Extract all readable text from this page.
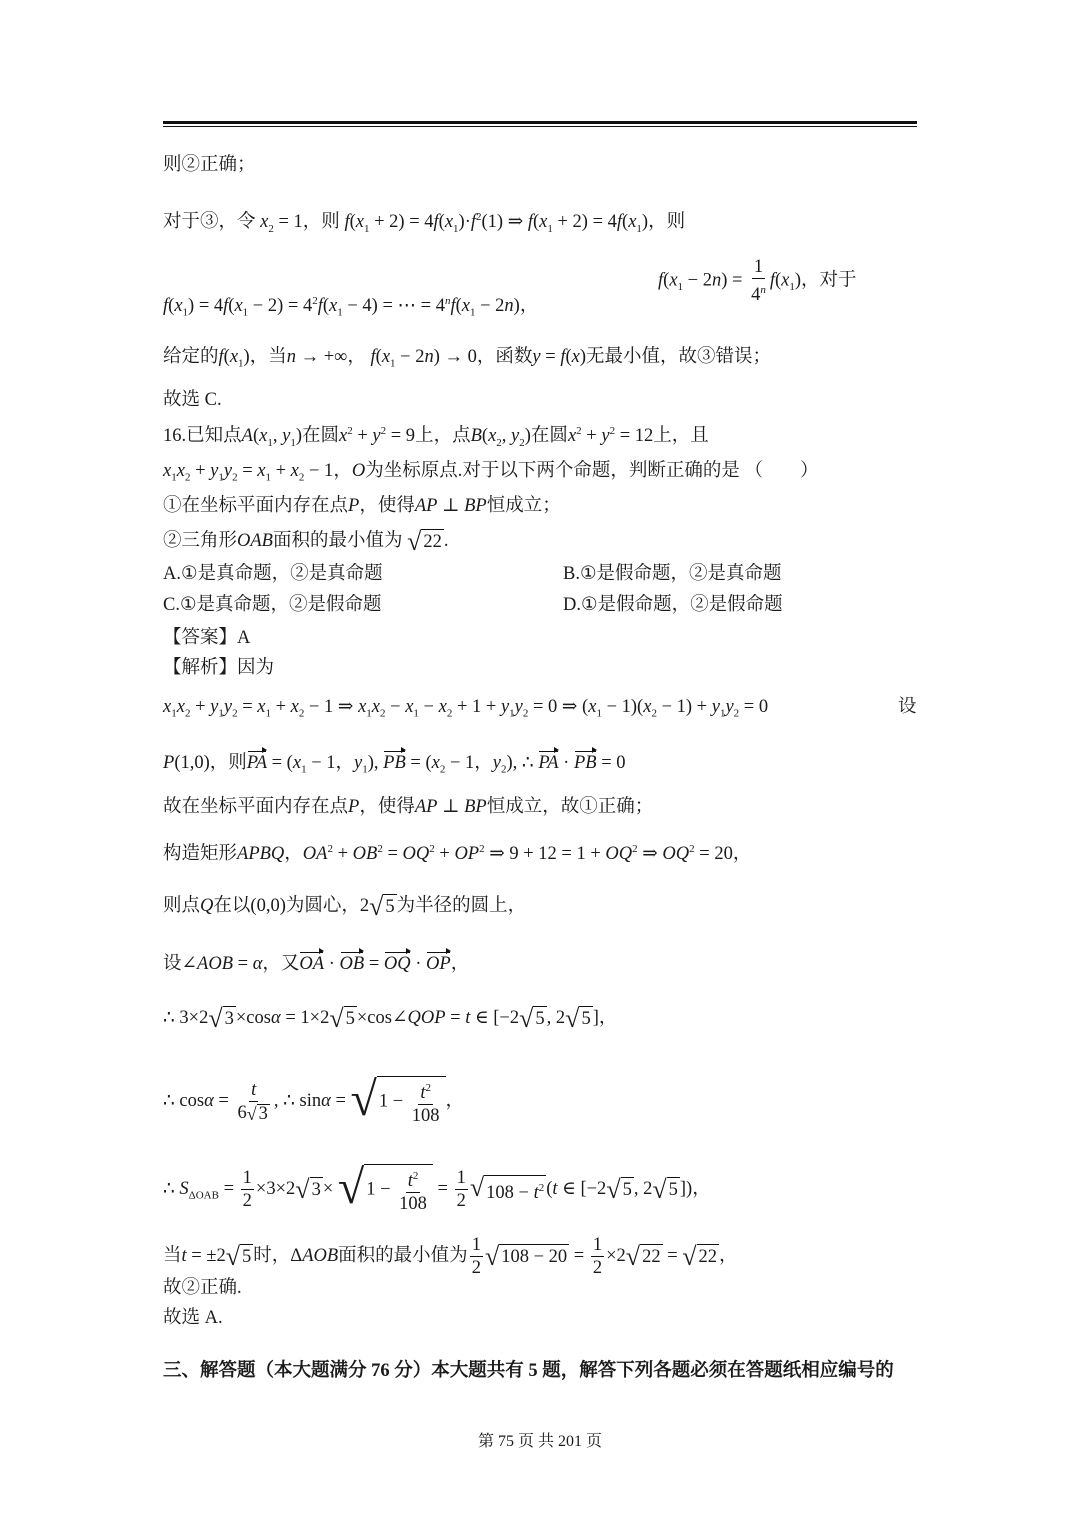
则②正确；
对于③，令 $x_2 = 1$，则 $f(x_1 + 2) = 4f(x_1)\cdot f^2(1)$ ⇒ $f(x_1 + 2) = 4f(x_1)$，则
$f(x_1) = 4f(x_1 - 2) = 4^2f(x_1 - 4)$ = ⋯ = $4^nf(x_1 - 2n)$，
$f(x_1 - 2n) = \frac{1}{4^n} f(x_1)$，对于
给定的$f(x_1)$，当n → +∞， $f(x_1 - 2n) \to 0$，函数y = f(x)无最小值，故③错误；
故选 C.
16.已知点$A(x_1$, $y_1$)在圆$x^2 + y^2 = 9$上，点$B(x_2$, $y_2$)在圆$x^2 + y^2 = 12$上，且
$x_1x_2 + y_1y_2 = x_1 + x_2 - 1$，O为坐标原点.对于以下两个命题，判断正确的是 （　　）
①在坐标平面内存在点P，使得AP ⊥ BP恒成立；
②三角形OAB面积的最小值为 √ 22 .
A.①是真命题，②是真命题	B.①是假命题，②是真命题
C.①是真命题，②是假命题	D.①是假命题，②是假命题
【答案】A
【解析】因为
$x_1x_2 + y_1y_2 = x_1 + x_2 - 1$ ⇒ $x_1x_2 - x_1 - x_2 + 1 + y_1y_2 = 0$ ⇒ $(x_1 - 1)(x_2 - 1) + y_1y_2 = 0$	设
P(1,0)，则PA = ($x_1 - 1$，$y_1$), PB = ($x_2 - 1$，$y_2$), ∴ PA · PB = 0
故在坐标平面内存在点P，使得AP ⊥ BP恒成立，故①正确；
构造矩形APBQ，$OA^2 + OB^2 = OQ^2 + OP^2$ ⇒ $9 + 12 = 1 + OQ^2$ ⇒ $OQ^2 = 20$，
则点Q在以(0,0)为圆心，2 √ 5 为半径的圆上，
设∠AOB = α，又OA · OB = OQ · OP，
∴ 3×2 √ 3 ×cosα = 1×2 √ 5 ×cos∠QOP = t ∈ [−2 √ 5 , 2 √ 5 ]，
∴ $\cos\alpha = \frac{t}{6 √ 3}$ , ∴ sinα = √ $1 - \frac{t^2}{108}$ ，
∴ $S_{\Delta OAB} = \frac{1}{2} \times 3\times 2$ √ 3 × √ $1 - \frac{t^2}{108} = \frac{1}{2}$ √ $108 - t^2$ (t ∈ [−2 √ 5 , 2 √ 5 ])，
当t = ±2 √ 5 时，ΔAOB面积的最小值为 $\frac{1}{2}$ √ $108 - 20 = \frac{1}{2} \times 2$ √ 22 = √ 22 ，
故②正确.
故选 A.
三、解答题（本大题满分 76 分）本大题共有 5 题，解答下列各题必须在答题纸相应编号的
第 75 页 共 201 页
